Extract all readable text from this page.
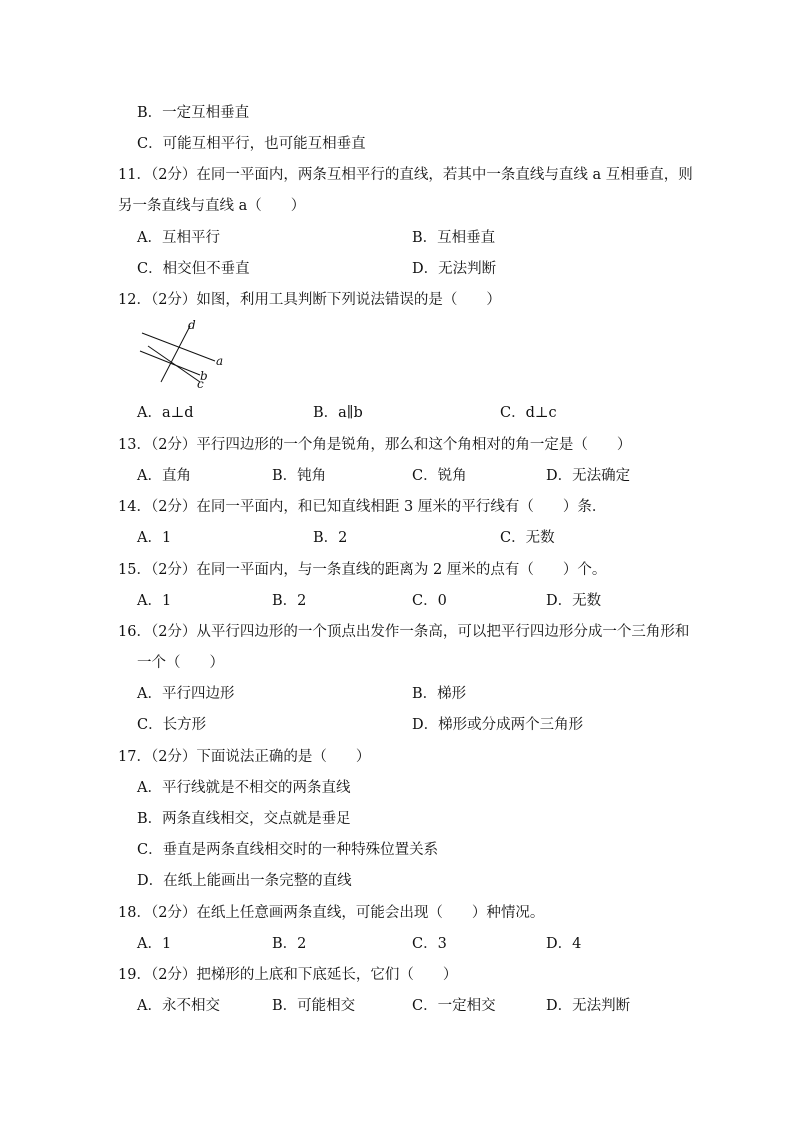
B．一定互相垂直
C．可能互相平行，也可能互相垂直
11．（2分）在同一平面内，两条互相平行的直线，若其中一条直线与直线 a 互相垂直，则
另一条直线与直线 a（　　）
A．互相平行	B．互相垂直
C．相交但不垂直	D．无法判断
12．（2分）如图，利用工具判断下列说法错误的是（　　）
d
a
b
c
A．a⊥d	B．a∥b	C．d⊥c
13．（2分）平行四边形的一个角是锐角，那么和这个角相对的角一定是（　　）
A．直角	B．钝角	C．锐角	D．无法确定
14．（2分）在同一平面内，和已知直线相距 3 厘米的平行线有（　　）条．
A．1	B．2	C．无数
15．（2分）在同一平面内，与一条直线的距离为 2 厘米的点有（　　）个。
A．1	B．2	C．0	D．无数
16．（2分）从平行四边形的一个顶点出发作一条高，可以把平行四边形分成一个三角形和
一个（　　）
A．平行四边形	B．梯形
C．长方形	D．梯形或分成两个三角形
17．（2分）下面说法正确的是（　　）
A．平行线就是不相交的两条直线
B．两条直线相交，交点就是垂足
C．垂直是两条直线相交时的一种特殊位置关系
D．在纸上能画出一条完整的直线
18．（2分）在纸上任意画两条直线，可能会出现（　　）种情况。
A．1	B．2	C．3	D．4
19．（2分）把梯形的上底和下底延长，它们（　　）
A．永不相交	B．可能相交	C．一定相交	D．无法判断
